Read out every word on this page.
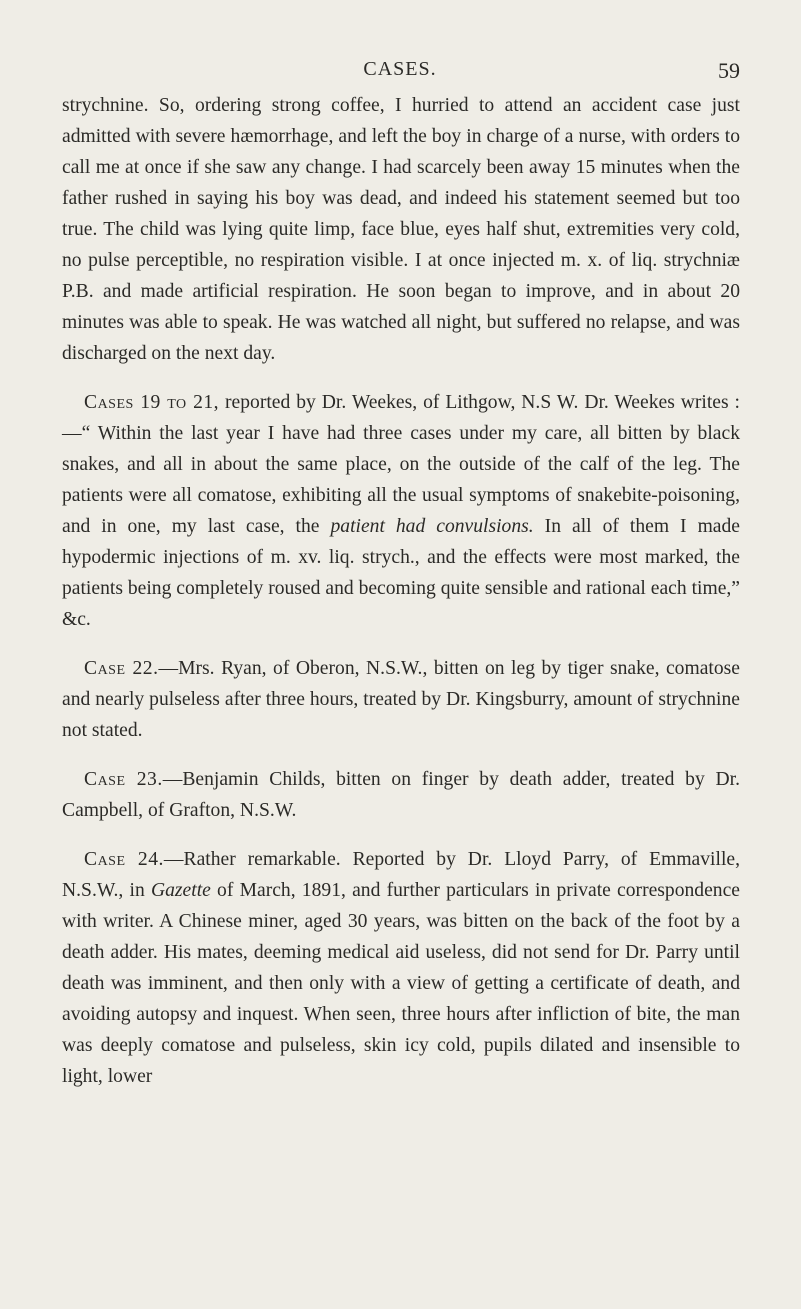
CASES.	59

strychnine. So, ordering strong coffee, I hurried to attend an accident case just admitted with severe hæmorrhage, and left the boy in charge of a nurse, with orders to call me at once if she saw any change. I had scarcely been away 15 minutes when the father rushed in saying his boy was dead, and indeed his statement seemed but too true. The child was lying quite limp, face blue, eyes half shut, extremities very cold, no pulse perceptible, no respiration visible. I at once injected m. x. of liq. strychniæ P.B. and made artificial respiration. He soon began to improve, and in about 20 minutes was able to speak. He was watched all night, but suffered no relapse, and was discharged on the next day.

Cases 19 to 21, reported by Dr. Weekes, of Lithgow, N.S W. Dr. Weekes writes :—“ Within the last year I have had three cases under my care, all bitten by black snakes, and all in about the same place, on the outside of the calf of the leg. The patients were all comatose, exhibiting all the usual symptoms of snakebite-poisoning, and in one, my last case, the patient had convulsions. In all of them I made hypodermic injections of m. xv. liq. strych., and the effects were most marked, the patients being completely roused and becoming quite sensible and rational each time,” &c.

Case 22.—Mrs. Ryan, of Oberon, N.S.W., bitten on leg by tiger snake, comatose and nearly pulseless after three hours, treated by Dr. Kingsburry, amount of strychnine not stated.

Case 23.—Benjamin Childs, bitten on finger by death adder, treated by Dr. Campbell, of Grafton, N.S.W.

Case 24.—Rather remarkable. Reported by Dr. Lloyd Parry, of Emmaville, N.S.W., in Gazette of March, 1891, and further particulars in private correspondence with writer. A Chinese miner, aged 30 years, was bitten on the back of the foot by a death adder. His mates, deeming medical aid useless, did not send for Dr. Parry until death was imminent, and then only with a view of getting a certificate of death, and avoiding autopsy and inquest. When seen, three hours after infliction of bite, the man was deeply comatose and pulseless, skin icy cold, pupils dilated and insensible to light, lower
